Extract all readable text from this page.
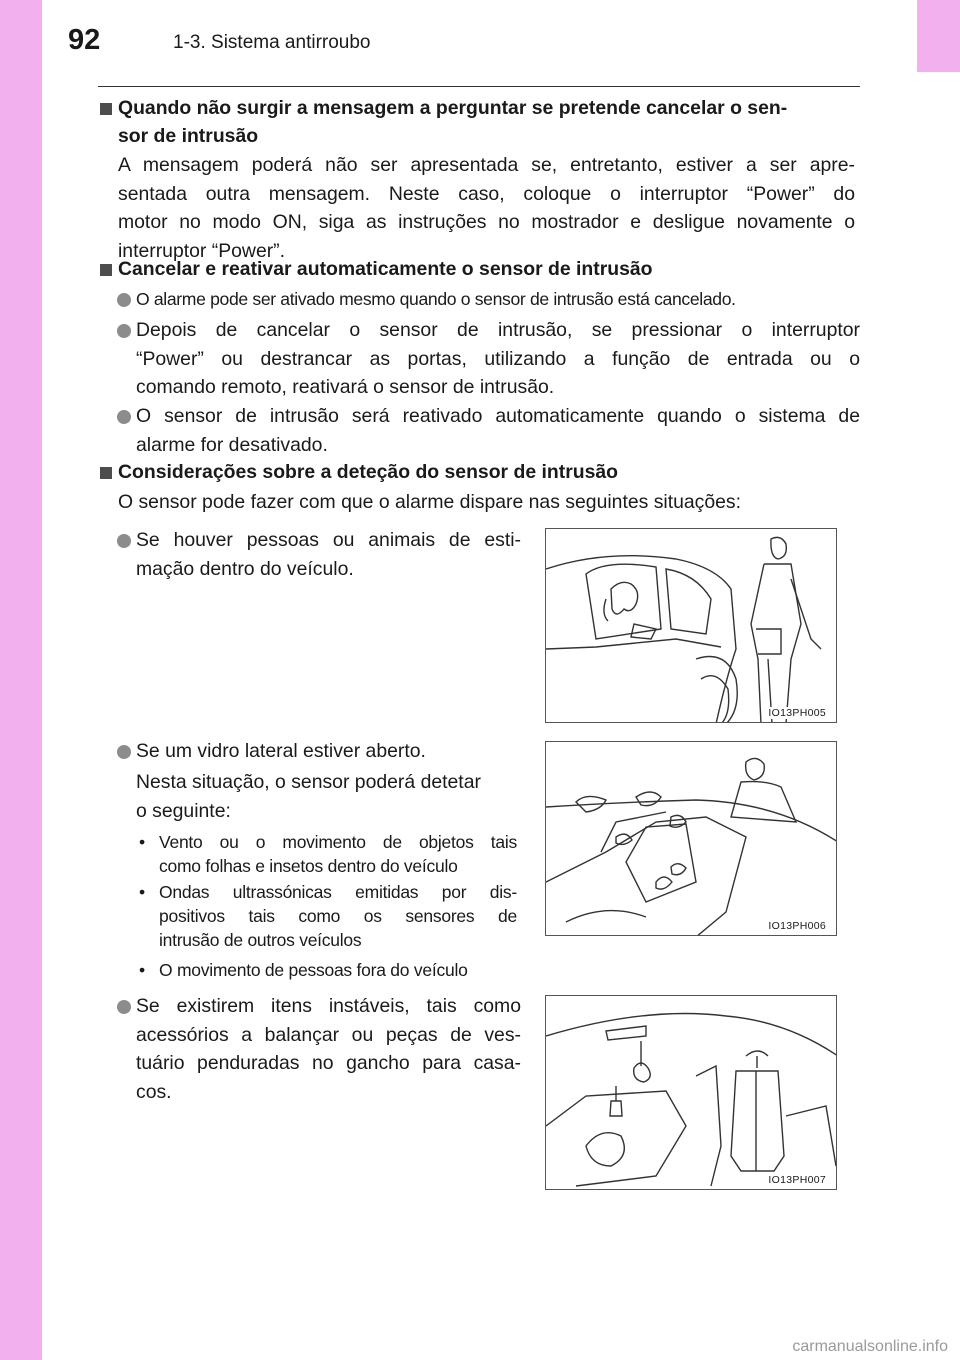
92	1-3. Sistema antirroubo
Quando não surgir a mensagem a perguntar se pretende cancelar o sen-
sor de intrusão
A mensagem poderá não ser apresentada se, entretanto, estiver a ser apre-
sentada outra mensagem. Neste caso, coloque o interruptor “Power” do
motor no modo ON, siga as instruções no mostrador e desligue novamente o
interruptor “Power”.
Cancelar e reativar automaticamente o sensor de intrusão
O alarme pode ser ativado mesmo quando o sensor de intrusão está cancelado.
Depois de cancelar o sensor de intrusão, se pressionar o interruptor
“Power” ou destrancar as portas, utilizando a função de entrada ou o
comando remoto, reativará o sensor de intrusão.
O sensor de intrusão será reativado automaticamente quando o sistema de
alarme for desativado.
Considerações sobre a deteção do sensor de intrusão
O sensor pode fazer com que o alarme dispare nas seguintes situações:
Se houver pessoas ou animais de esti-
mação dentro do veículo.
Se um vidro lateral estiver aberto.
Nesta situação, o sensor poderá detetar
o seguinte:
• Vento ou o movimento de objetos tais
como folhas e insetos dentro do veículo
• Ondas ultrassónicas emitidas por dis-
positivos tais como os sensores de
intrusão de outros veículos
• O movimento de pessoas fora do veículo
Se existirem itens instáveis, tais como
acessórios a balançar ou peças de ves-
tuário penduradas no gancho para casa-
cos.
IO13PH005
IO13PH006
IO13PH007
carmanualsonline.info
